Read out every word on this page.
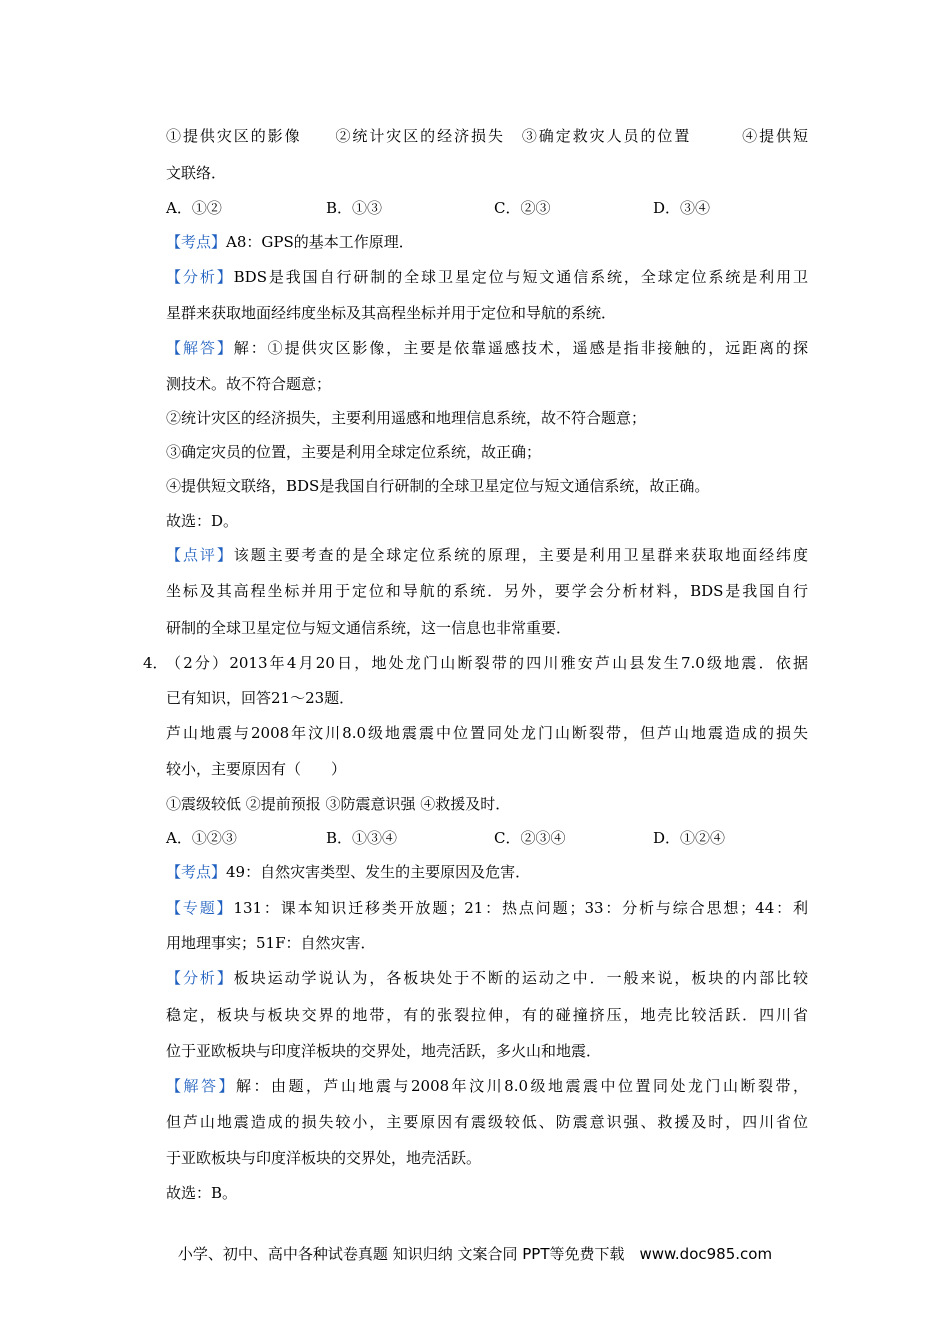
①提供灾区的影像　　②统计灾区的经济损失　③确定救灾人员的位置　　　④提供短
文联络．
A．①②	B．①③	C．②③	D．③④
【考点】A8：GPS的基本工作原理．
【分析】BDS是我国自行研制的全球卫星定位与短文通信系统，全球定位系统是利用卫
星群来获取地面经纬度坐标及其高程坐标并用于定位和导航的系统．
【解答】解：①提供灾区影像，主要是依靠遥感技术，遥感是指非接触的，远距离的探
测技术。故不符合题意；
②统计灾区的经济损失，主要利用遥感和地理信息系统，故不符合题意；
③确定灾员的位置，主要是利用全球定位系统，故正确；
④提供短文联络，BDS是我国自行研制的全球卫星定位与短文通信系统，故正确。
故选：D。
【点评】该题主要考查的是全球定位系统的原理，主要是利用卫星群来获取地面经纬度
坐标及其高程坐标并用于定位和导航的系统．另外，要学会分析材料，BDS是我国自行
研制的全球卫星定位与短文通信系统，这一信息也非常重要．
4．
（2分）2013年4月20日，地处龙门山断裂带的四川雅安芦山县发生7.0级地震．依据
已有知识，回答21～23题．
芦山地震与2008年汶川8.0级地震震中位置同处龙门山断裂带，但芦山地震造成的损失
较小，主要原因有（　　）
①震级较低 ②提前预报 ③防震意识强 ④救援及时．
A．①②③	B．①③④	C．②③④	D．①②④
【考点】49：自然灾害类型、发生的主要原因及危害．
【专题】131：课本知识迁移类开放题；21：热点问题；33：分析与综合思想；44：利
用地理事实；51F：自然灾害．
【分析】板块运动学说认为，各板块处于不断的运动之中．一般来说，板块的内部比较
稳定，板块与板块交界的地带，有的张裂拉伸，有的碰撞挤压，地壳比较活跃．四川省
位于亚欧板块与印度洋板块的交界处，地壳活跃，多火山和地震．
【解答】解：由题，芦山地震与2008年汶川8.0级地震震中位置同处龙门山断裂带，
但芦山地震造成的损失较小，主要原因有震级较低、防震意识强、救援及时，四川省位
于亚欧板块与印度洋板块的交界处，地壳活跃。
故选：B。
小学、初中、高中各种试卷真题 知识归纳 文案合同 PPT等免费下载　www.doc985.com
